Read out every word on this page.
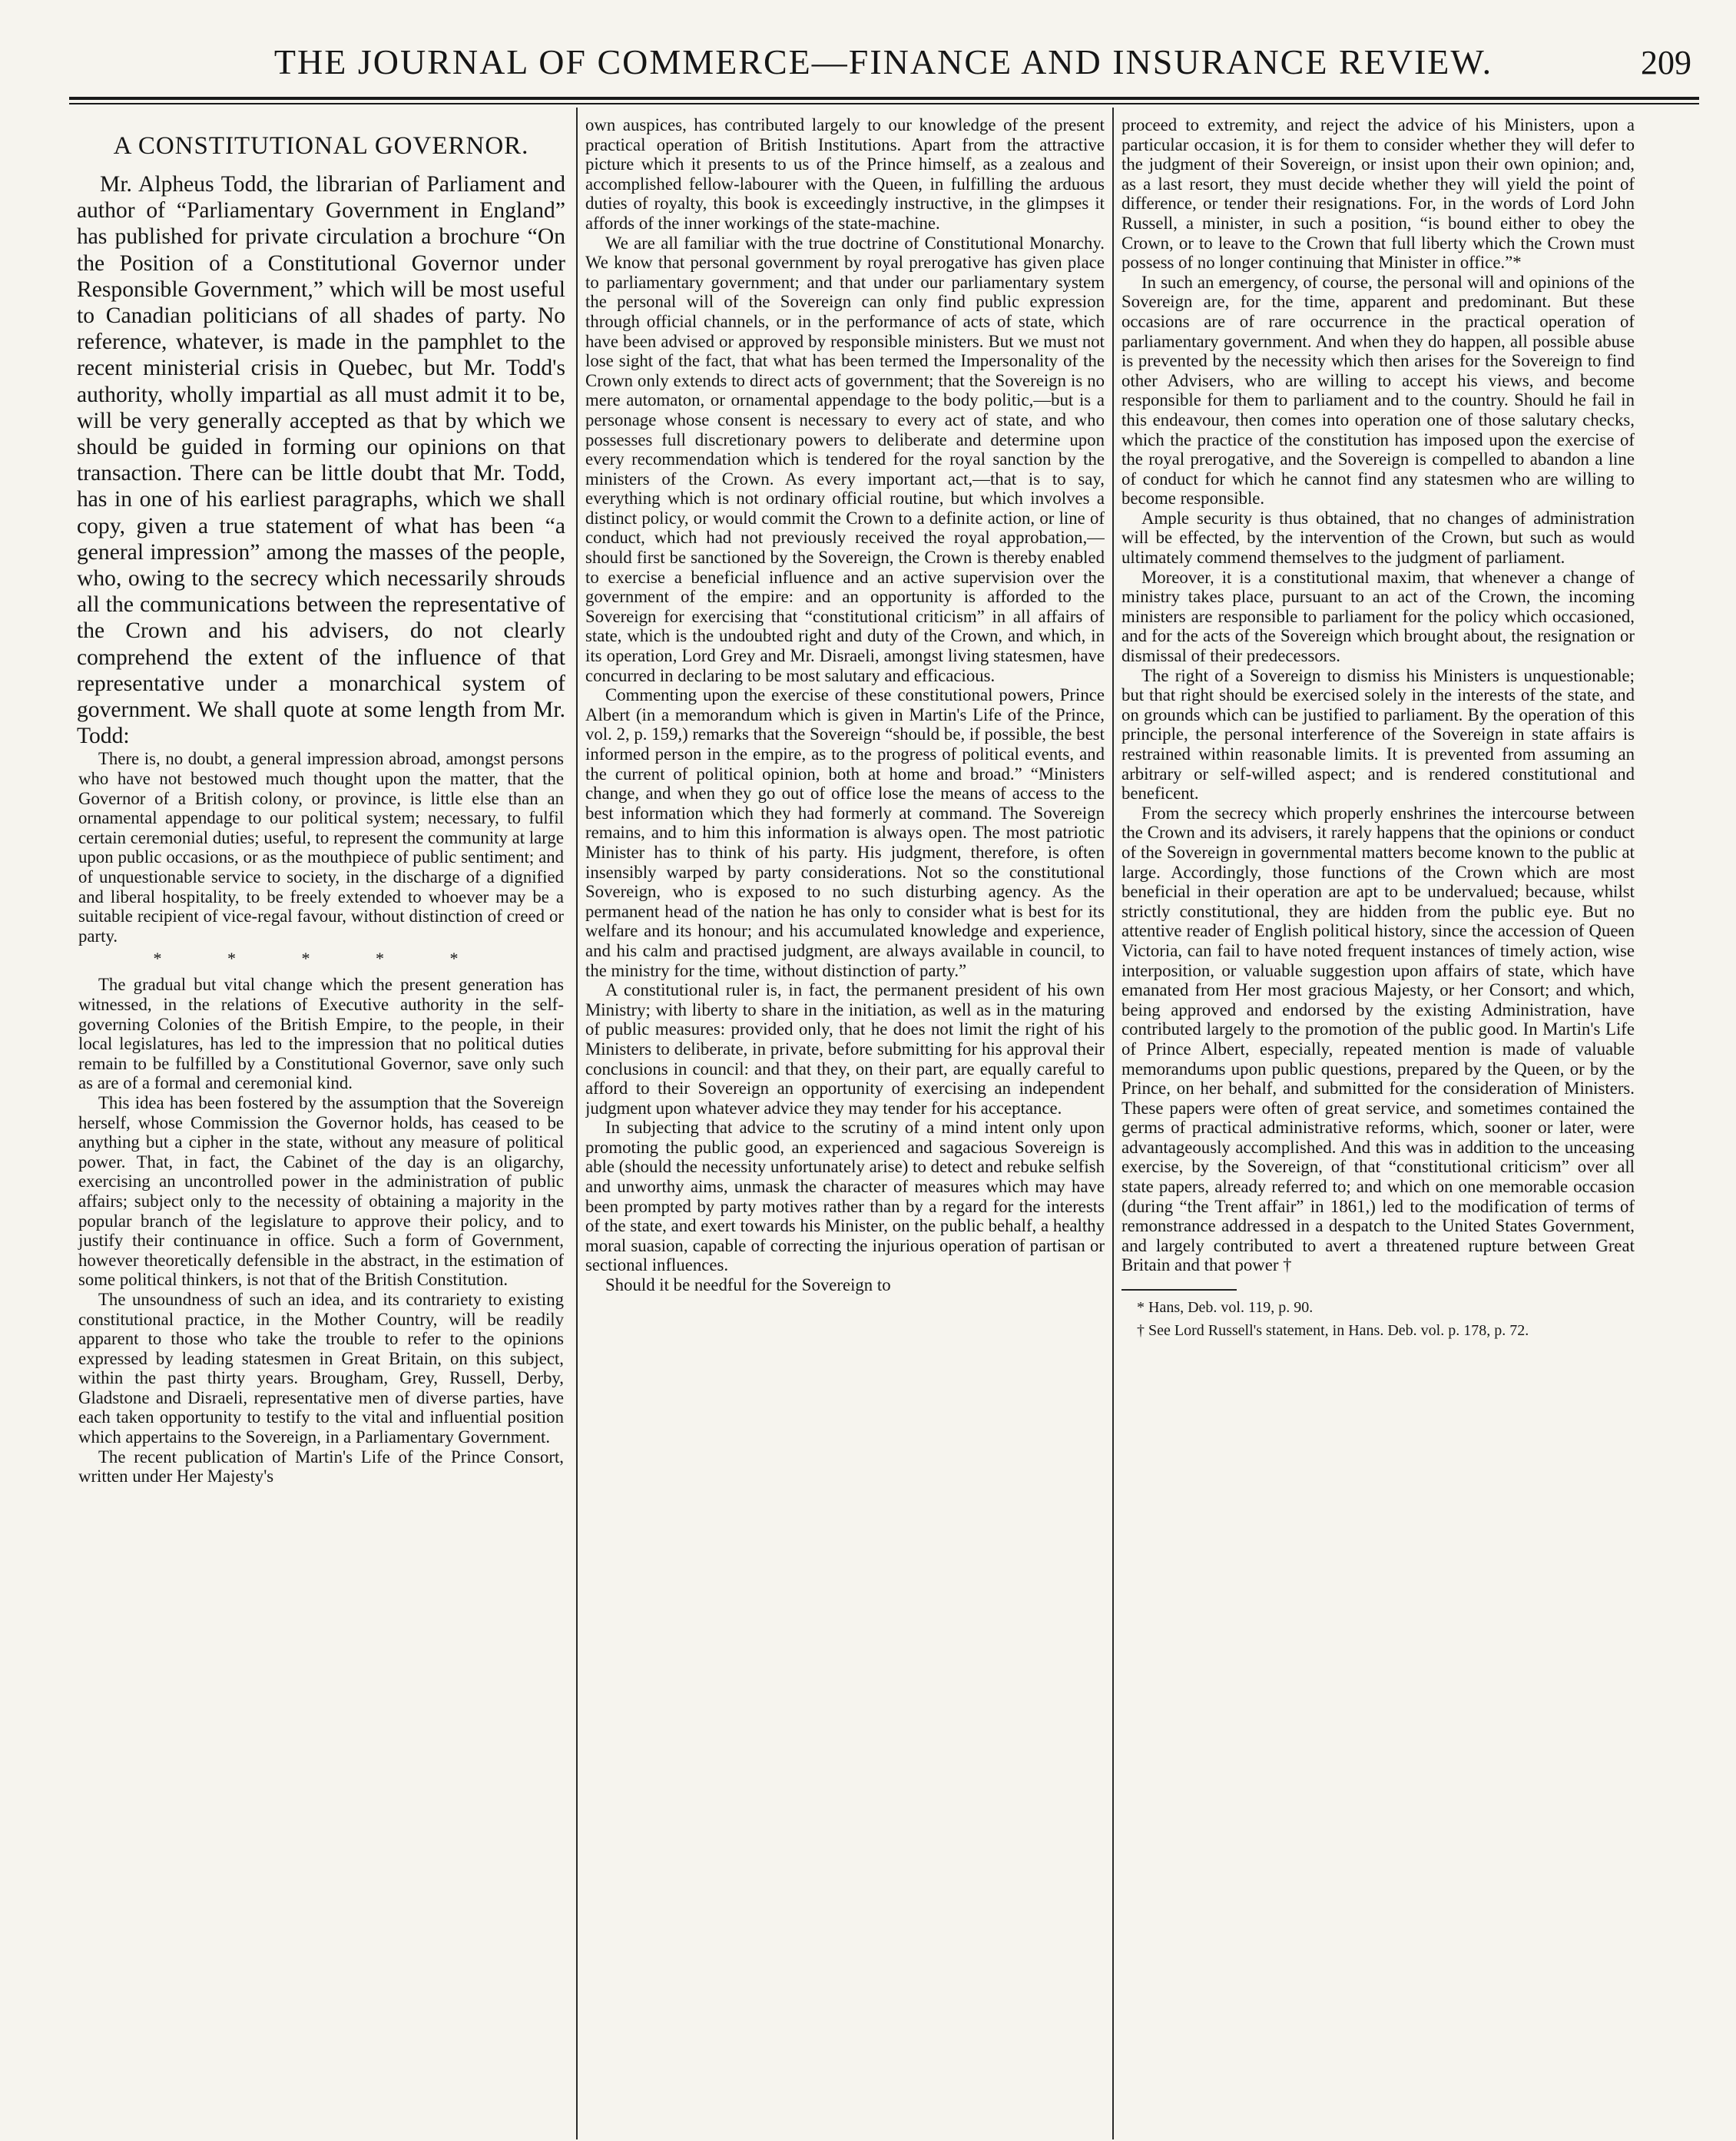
THE JOURNAL OF COMMERCE—FINANCE AND INSURANCE REVIEW.	209
A CONSTITUTIONAL GOVERNOR.

Mr. Alpheus Todd, the librarian of Parliament and author of “Parliamentary Government in England” has published for private circulation a brochure “On the Position of a Constitutional Governor under Responsible Government,” which will be most useful to Canadian politicians of all shades of party. No reference, whatever, is made in the pamphlet to the recent ministerial crisis in Quebec, but Mr. Todd's authority, wholly impartial as all must admit it to be, will be very generally accepted as that by which we should be guided in forming our opinions on that transaction. There can be little doubt that Mr. Todd, has in one of his earliest paragraphs, which we shall copy, given a true statement of what has been “a general impression” among the masses of the people, who, owing to the secrecy which necessarily shrouds all the communications between the representative of the Crown and his advisers, do not clearly comprehend the extent of the influence of that representative under a monarchical system of government. We shall quote at some length from Mr. Todd:

There is, no doubt, a general impression abroad, amongst persons who have not bestowed much thought upon the matter, that the Governor of a British colony, or province, is little else than an ornamental appendage to our political system; necessary, to fulfil certain ceremonial duties; useful, to represent the community at large upon public occasions, or as the mouthpiece of public sentiment; and of unquestionable service to society, in the discharge of a dignified and liberal hospitality, to be freely extended to whoever may be a suitable recipient of vice-regal favour, without distinction of creed or party.

* * * * *

The gradual but vital change which the present generation has witnessed, in the relations of Executive authority in the self-governing Colonies of the British Empire, to the people, in their local legislatures, has led to the impression that no political duties remain to be fulfilled by a Constitutional Governor, save only such as are of a formal and ceremonial kind.

This idea has been fostered by the assumption that the Sovereign herself, whose Commission the Governor holds, has ceased to be anything but a cipher in the state, without any measure of political power. That, in fact, the Cabinet of the day is an oligarchy, exercising an uncontrolled power in the administration of public affairs; subject only to the necessity of obtaining a majority in the popular branch of the legislature to approve their policy, and to justify their continuance in office. Such a form of Government, however theoretically defensible in the abstract, in the estimation of some political thinkers, is not that of the British Constitution.

The unsoundness of such an idea, and its contrariety to existing constitutional practice, in the Mother Country, will be readily apparent to those who take the trouble to refer to the opinions expressed by leading statesmen in Great Britain, on this subject, within the past thirty years. Brougham, Grey, Russell, Derby, Gladstone and Disraeli, representative men of diverse parties, have each taken opportunity to testify to the vital and influential position which appertains to the Sovereign, in a Parliamentary Government.

The recent publication of Martin's Life of the Prince Consort, written under Her Majesty's

own auspices, has contributed largely to our knowledge of the present practical operation of British Institutions. Apart from the attractive picture which it presents to us of the Prince himself, as a zealous and accomplished fellow-labourer with the Queen, in fulfilling the arduous duties of royalty, this book is exceedingly instructive, in the glimpses it affords of the inner workings of the state-machine.

We are all familiar with the true doctrine of Constitutional Monarchy. We know that personal government by royal prerogative has given place to parliamentary government; and that under our parliamentary system the personal will of the Sovereign can only find public expression through official channels, or in the performance of acts of state, which have been advised or approved by responsible ministers. But we must not lose sight of the fact, that what has been termed the Impersonality of the Crown only extends to direct acts of government; that the Sovereign is no mere automaton, or ornamental appendage to the body politic,—but is a personage whose consent is necessary to every act of state, and who possesses full discretionary powers to deliberate and determine upon every recommendation which is tendered for the royal sanction by the ministers of the Crown. As every important act,—that is to say, everything which is not ordinary official routine, but which involves a distinct policy, or would commit the Crown to a definite action, or line of conduct, which had not previously received the royal approbation,—should first be sanctioned by the Sovereign, the Crown is thereby enabled to exercise a beneficial influence and an active supervision over the government of the empire: and an opportunity is afforded to the Sovereign for exercising that “constitutional criticism” in all affairs of state, which is the undoubted right and duty of the Crown, and which, in its operation, Lord Grey and Mr. Disraeli, amongst living statesmen, have concurred in declaring to be most salutary and efficacious.

Commenting upon the exercise of these constitutional powers, Prince Albert (in a memorandum which is given in Martin's Life of the Prince, vol. 2, p. 159,) remarks that the Sovereign “should be, if possible, the best informed person in the empire, as to the progress of political events, and the current of political opinion, both at home and broad.” “Ministers change, and when they go out of office lose the means of access to the best information which they had formerly at command. The Sovereign remains, and to him this information is always open. The most patriotic Minister has to think of his party. His judgment, therefore, is often insensibly warped by party considerations. Not so the constitutional Sovereign, who is exposed to no such disturbing agency. As the permanent head of the nation he has only to consider what is best for its welfare and its honour; and his accumulated knowledge and experience, and his calm and practised judgment, are always available in council, to the ministry for the time, without distinction of party.”

A constitutional ruler is, in fact, the permanent president of his own Ministry; with liberty to share in the initiation, as well as in the maturing of public measures: provided only, that he does not limit the right of his Ministers to deliberate, in private, before submitting for his approval their conclusions in council: and that they, on their part, are equally careful to afford to their Sovereign an opportunity of exercising an independent judgment upon whatever advice they may tender for his acceptance.

In subjecting that advice to the scrutiny of a mind intent only upon promoting the public good, an experienced and sagacious Sovereign is able (should the necessity unfortunately arise) to detect and rebuke selfish and unworthy aims, unmask the character of measures which may have been prompted by party motives rather than by a regard for the interests of the state, and exert towards his Minister, on the public behalf, a healthy moral suasion, capable of correcting the injurious operation of partisan or sectional influences.

Should it be needful for the Sovereign to

proceed to extremity, and reject the advice of his Ministers, upon a particular occasion, it is for them to consider whether they will defer to the judgment of their Sovereign, or insist upon their own opinion; and, as a last resort, they must decide whether they will yield the point of difference, or tender their resignations. For, in the words of Lord John Russell, a minister, in such a position, “is bound either to obey the Crown, or to leave to the Crown that full liberty which the Crown must possess of no longer continuing that Minister in office.”*

In such an emergency, of course, the personal will and opinions of the Sovereign are, for the time, apparent and predominant. But these occasions are of rare occurrence in the practical operation of parliamentary government. And when they do happen, all possible abuse is prevented by the necessity which then arises for the Sovereign to find other Advisers, who are willing to accept his views, and become responsible for them to parliament and to the country. Should he fail in this endeavour, then comes into operation one of those salutary checks, which the practice of the constitution has imposed upon the exercise of the royal prerogative, and the Sovereign is compelled to abandon a line of conduct for which he cannot find any statesmen who are willing to become responsible.

Ample security is thus obtained, that no changes of administration will be effected, by the intervention of the Crown, but such as would ultimately commend themselves to the judgment of parliament.

Moreover, it is a constitutional maxim, that whenever a change of ministry takes place, pursuant to an act of the Crown, the incoming ministers are responsible to parliament for the policy which occasioned, and for the acts of the Sovereign which brought about, the resignation or dismissal of their predecessors.

The right of a Sovereign to dismiss his Ministers is unquestionable; but that right should be exercised solely in the interests of the state, and on grounds which can be justified to parliament. By the operation of this principle, the personal interference of the Sovereign in state affairs is restrained within reasonable limits. It is prevented from assuming an arbitrary or self-willed aspect; and is rendered constitutional and beneficent.

From the secrecy which properly enshrines the intercourse between the Crown and its advisers, it rarely happens that the opinions or conduct of the Sovereign in governmental matters become known to the public at large. Accordingly, those functions of the Crown which are most beneficial in their operation are apt to be undervalued; because, whilst strictly constitutional, they are hidden from the public eye. But no attentive reader of English political history, since the accession of Queen Victoria, can fail to have noted frequent instances of timely action, wise interposition, or valuable suggestion upon affairs of state, which have emanated from Her most gracious Majesty, or her Consort; and which, being approved and endorsed by the existing Administration, have contributed largely to the promotion of the public good. In Martin's Life of Prince Albert, especially, repeated mention is made of valuable memorandums upon public questions, prepared by the Queen, or by the Prince, on her behalf, and submitted for the consideration of Ministers. These papers were often of great service, and sometimes contained the germs of practical administrative reforms, which, sooner or later, were advantageously accomplished. And this was in addition to the unceasing exercise, by the Sovereign, of that “constitutional criticism” over all state papers, already referred to; and which on one memorable occasion (during “the Trent affair” in 1861,) led to the modification of terms of remonstrance addressed in a despatch to the United States Government, and largely contributed to avert a threatened rupture between Great Britain and that power †

* Hans, Deb. vol. 119, p. 90.

† See Lord Russell's statement, in Hans. Deb. vol. p. 178, p. 72.
